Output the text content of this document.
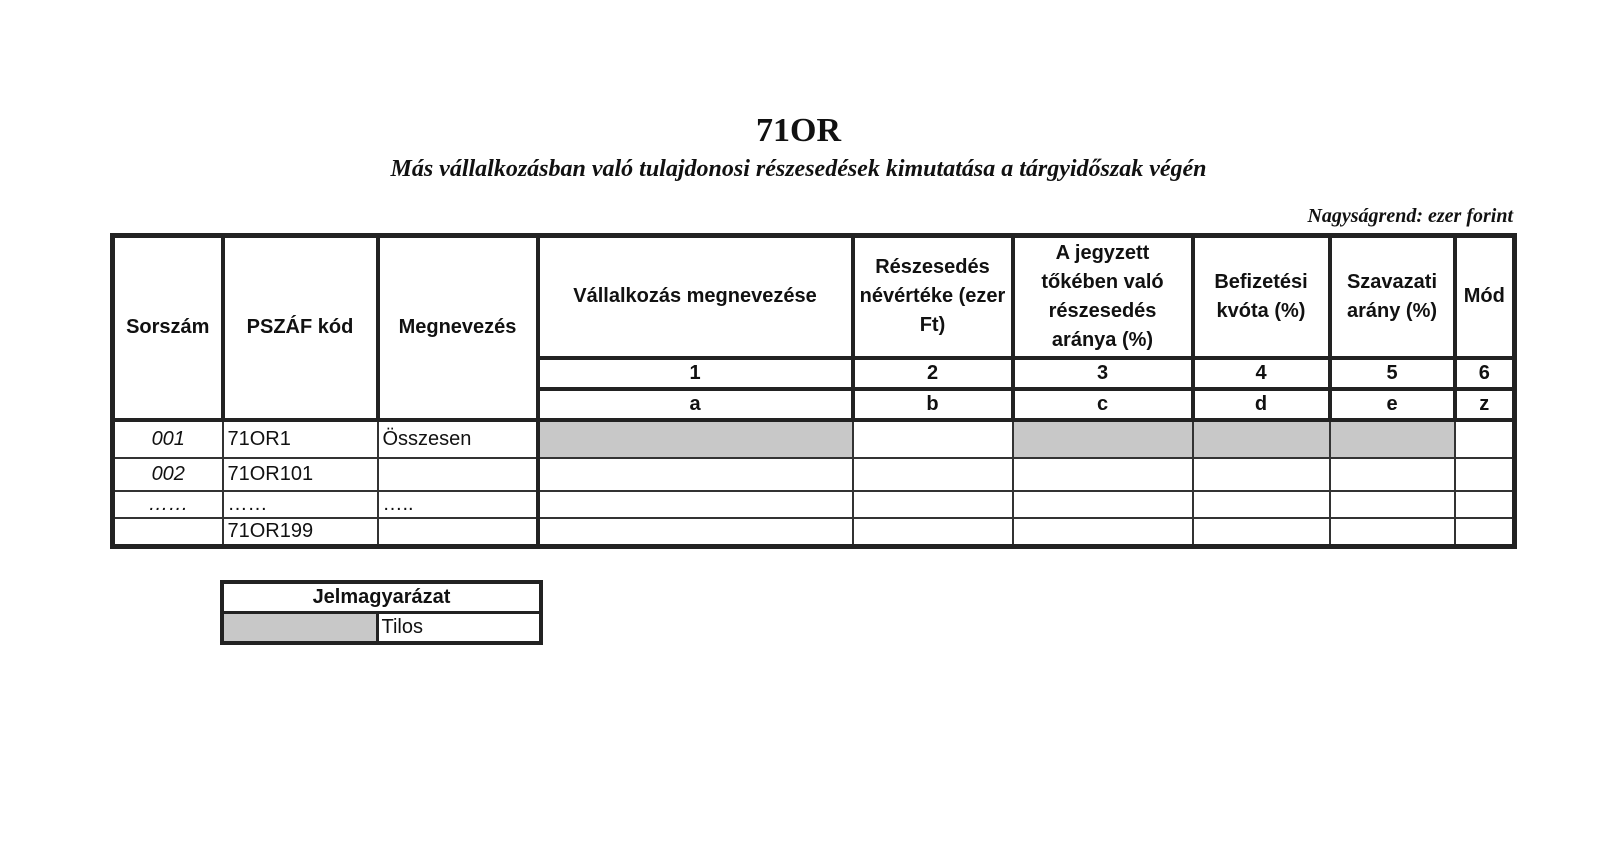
71OR
Más vállalkozásban való tulajdonosi részesedések kimutatása a tárgyidőszak végén
Nagyságrend: ezer forint
Sorszám	PSZÁF kód	Megnevezés	Vállalkozás megnevezése	Részesedés névértéke (ezer Ft)	A jegyzett tőkében való részesedés aránya (%)	Befizetési kvóta (%)	Szavazati arány (%)	Mód
			1	2	3	4	5	6
			a	b	c	d	e	z
001	71OR1	Összesen						
002	71OR101							
……	……	…..						
	71OR199							
Jelmagyarázat
	Tilos
